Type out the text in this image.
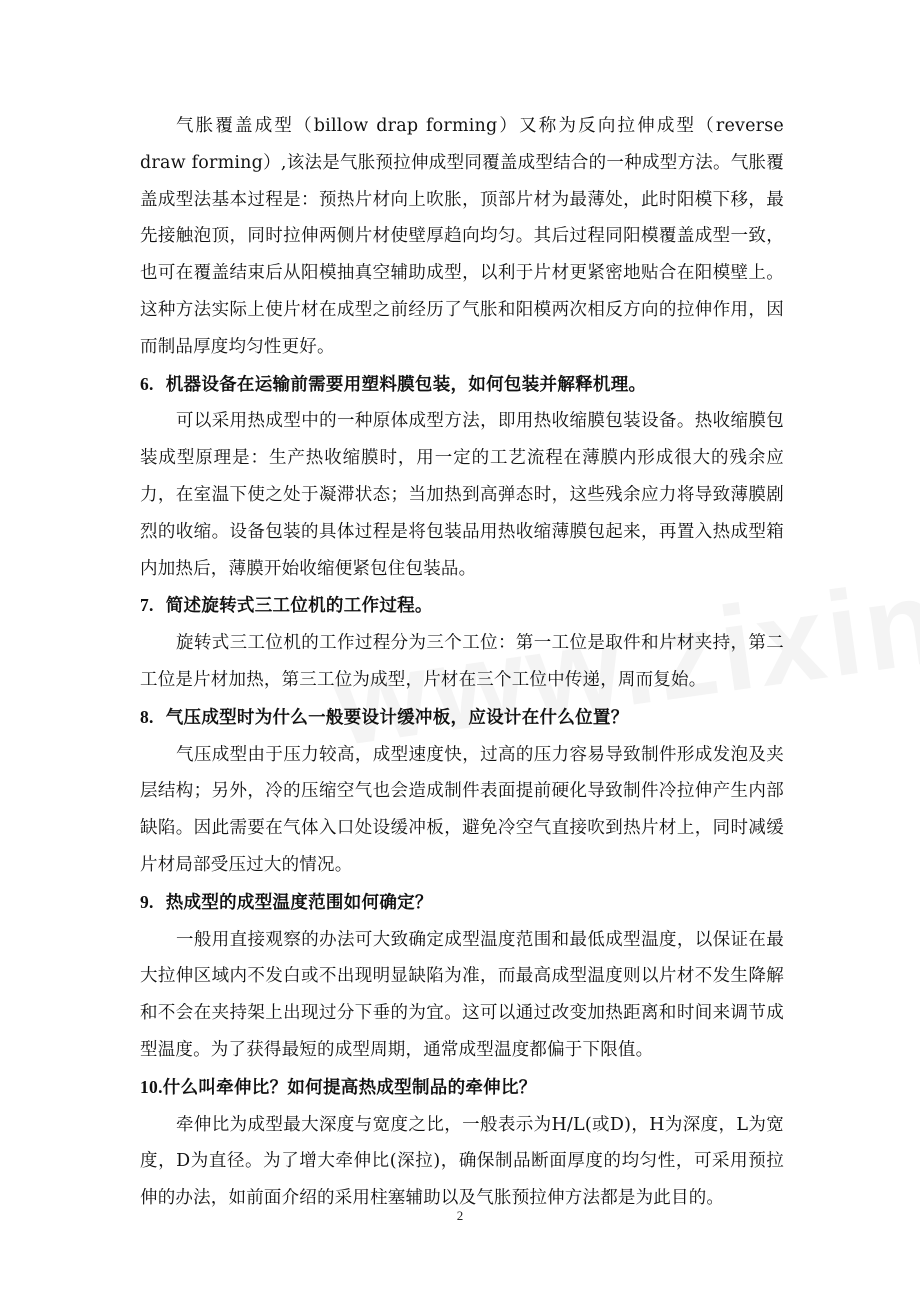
气胀覆盖成型（billow drap forming）又称为反向拉伸成型（reverse draw forming）,该法是气胀预拉伸成型同覆盖成型结合的一种成型方法。气胀覆盖成型法基本过程是：预热片材向上吹胀，顶部片材为最薄处，此时阳模下移，最先接触泡顶，同时拉伸两侧片材使壁厚趋向均匀。其后过程同阳模覆盖成型一致，也可在覆盖结束后从阳模抽真空辅助成型，以利于片材更紧密地贴合在阳模壁上。这种方法实际上使片材在成型之前经历了气胀和阳模两次相反方向的拉伸作用，因而制品厚度均匀性更好。

6. 机器设备在运输前需要用塑料膜包装，如何包装并解释机理。

可以采用热成型中的一种原体成型方法，即用热收缩膜包装设备。热收缩膜包装成型原理是：生产热收缩膜时，用一定的工艺流程在薄膜内形成很大的残余应力，在室温下使之处于凝滞状态；当加热到高弹态时，这些残余应力将导致薄膜剧烈的收缩。设备包装的具体过程是将包装品用热收缩薄膜包起来，再置入热成型箱内加热后，薄膜开始收缩便紧包住包装品。

7. 简述旋转式三工位机的工作过程。

旋转式三工位机的工作过程分为三个工位：第一工位是取件和片材夹持，第二工位是片材加热，第三工位为成型，片材在三个工位中传递，周而复始。

8. 气压成型时为什么一般要设计缓冲板，应设计在什么位置？

气压成型由于压力较高，成型速度快，过高的压力容易导致制件形成发泡及夹层结构；另外，冷的压缩空气也会造成制件表面提前硬化导致制件冷拉伸产生内部缺陷。因此需要在气体入口处设缓冲板，避免冷空气直接吹到热片材上，同时减缓片材局部受压过大的情况。

9. 热成型的成型温度范围如何确定？

一般用直接观察的办法可大致确定成型温度范围和最低成型温度，以保证在最大拉伸区域内不发白或不出现明显缺陷为准，而最高成型温度则以片材不发生降解和不会在夹持架上出现过分下垂的为宜。这可以通过改变加热距离和时间来调节成型温度。为了获得最短的成型周期，通常成型温度都偏于下限值。

10.什么叫牵伸比？如何提高热成型制品的牵伸比？

牵伸比为成型最大深度与宽度之比，一般表示为H/L(或D)，H为深度，L为宽度，D为直径。为了增大牵伸比(深拉)，确保制品断面厚度的均匀性，可采用预拉伸的办法，如前面介绍的采用柱塞辅助以及气胀预拉伸方法都是为此目的。

2
